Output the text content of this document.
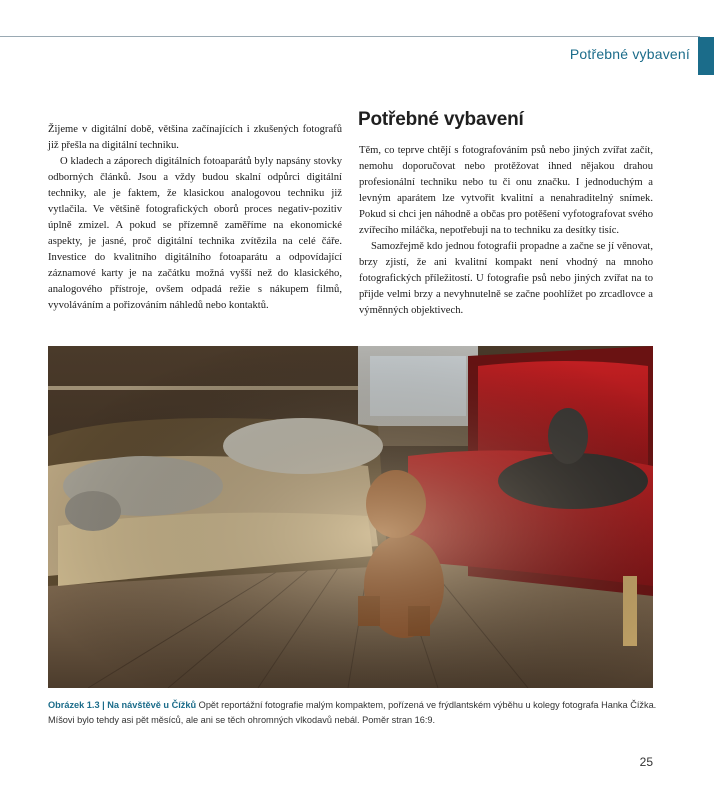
Potřebné vybavení

Žijeme v digitální době, většina začínajících i zkušených fotografů již přešla na digitální techniku.

O kladech a záporech digitálních fotoaparátů byly napsány stovky odborných článků. Jsou a vždy budou skalní odpůrci digitální techniky, ale je faktem, že klasickou analogovou techniku již vytlačila. Ve většině fotografických oborů proces negativ-pozitiv úplně zmizel. A pokud se přízemně zaměříme na ekonomické aspekty, je jasné, proč digitální technika zvítězila na celé čáře. Investice do kvalitního digitálního fotoaparátu a odpovídající záznamové karty je na začátku možná vyšší než do klasického, analogového přístroje, ovšem odpadá režie s nákupem filmů, vyvoláváním a pořizováním náhledů nebo kontaktů.

Potřebné vybavení

Těm, co teprve chtějí s fotografováním psů nebo jiných zvířat začít, nemohu doporučovat nebo protěžovat ihned nějakou drahou profesionální techniku nebo tu či onu značku. I jednoduchým a levným aparátem lze vytvořit kvalitní a nenahraditelný snímek. Pokud si chci jen náhodně a občas pro potěšení vyfotografovat svého zvířecího miláčka, nepotřebuji na to techniku za desítky tisíc.

Samozřejmě kdo jednou fotografii propadne a začne se jí věnovat, brzy zjistí, že ani kvalitní kompakt není vhodný na mnoho fotografických příležitostí. U fotografie psů nebo jiných zvířat na to přijde velmi brzy a nevyhnutelně se začne poohlížet po zrcadlovce a výměnných objektivech.

Obrázek 1.3 | Na návštěvě u Čížků Opět reportážní fotografie malým kompaktem, pořízená ve frýdlantském výběhu u kolegy fotografa Hanka Čížka. Míšovi bylo tehdy asi pět měsíců, ale ani se těch ohromných vlkodavů nebál. Poměr stran 16:9.
25
